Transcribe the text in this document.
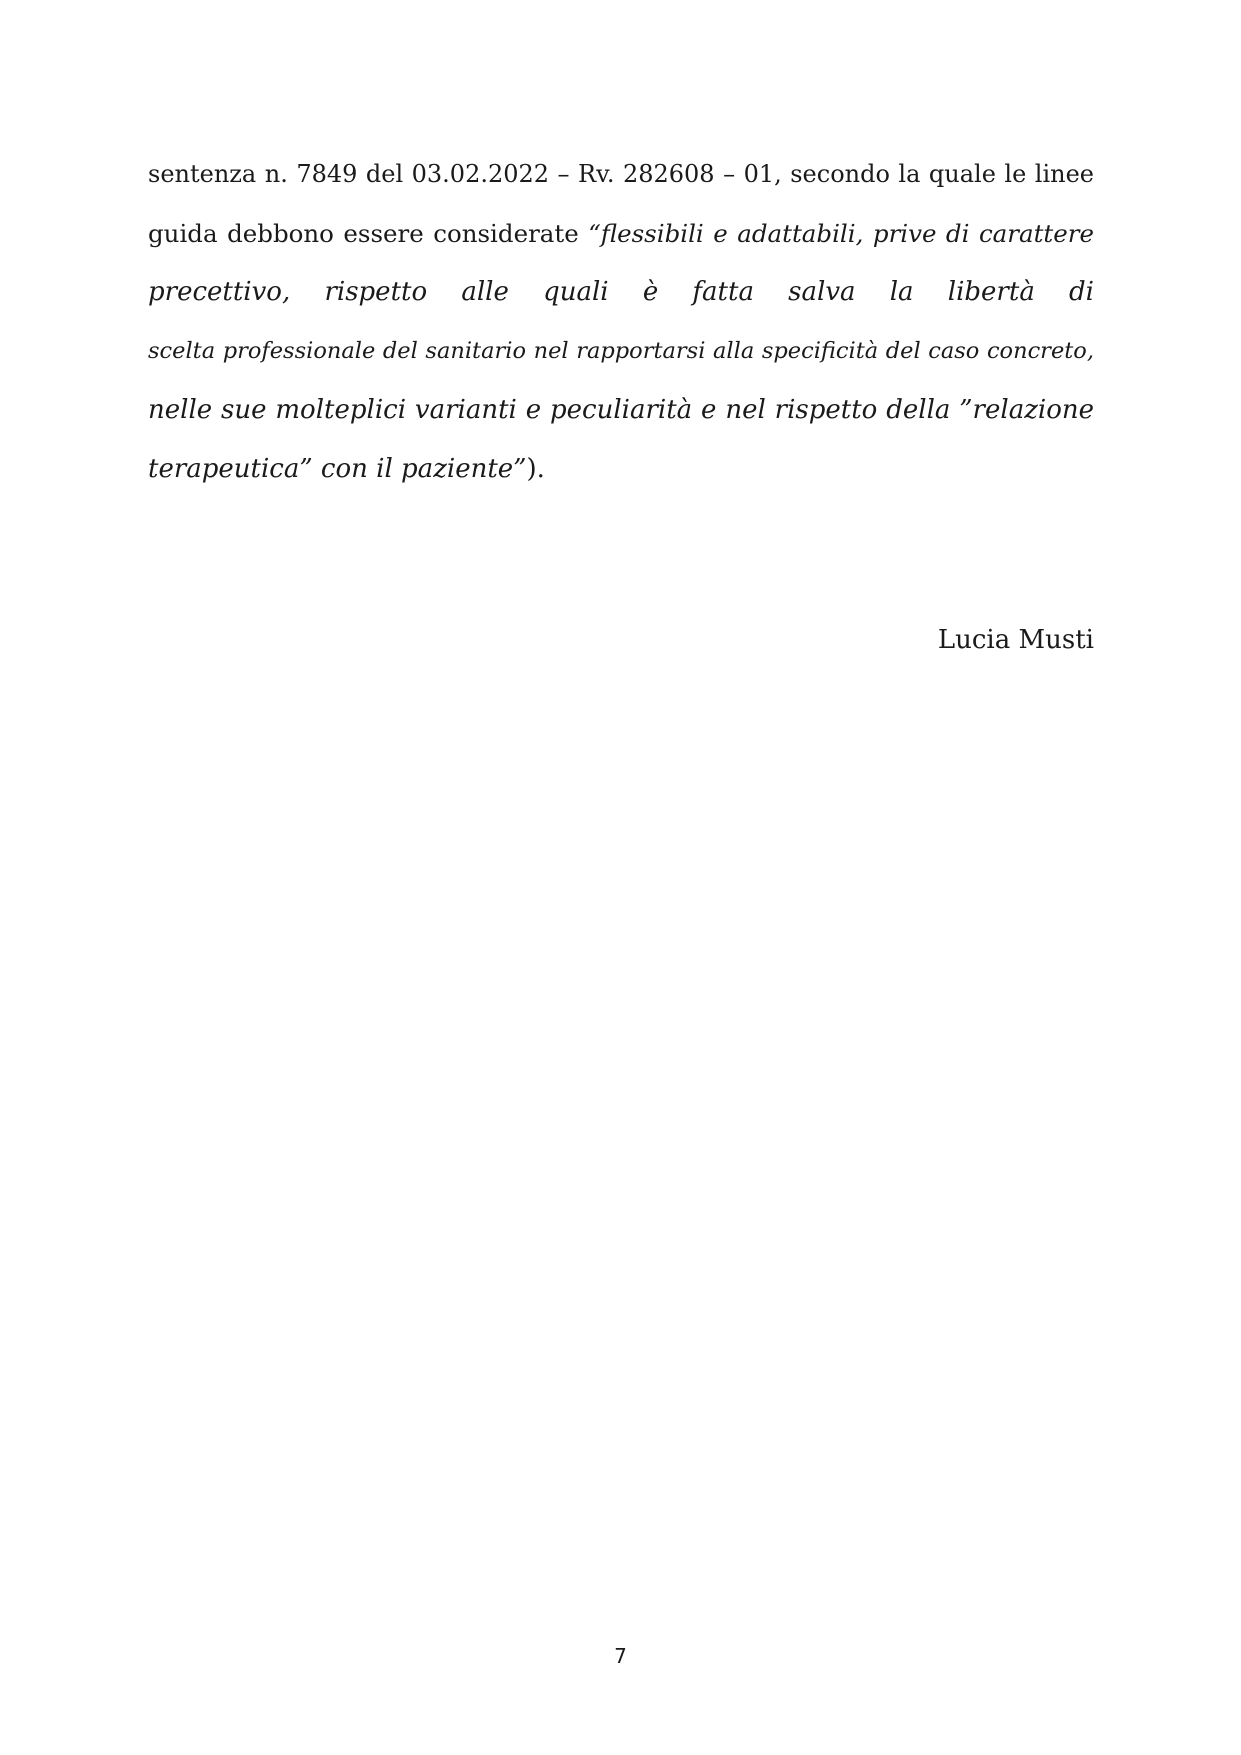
sentenza n. 7849 del 03.02.2022 – Rv. 282608 – 01, secondo la quale le linee
guida debbono essere considerate “flessibili e adattabili, prive di carattere
precettivo, rispetto alle quali è fatta salva la libertà di
scelta professionale del sanitario nel rapportarsi alla specificità del caso concreto,
nelle sue molteplici varianti e peculiarità e nel rispetto della ”relazione
terapeutica” con il paziente”).
Lucia Musti
7
